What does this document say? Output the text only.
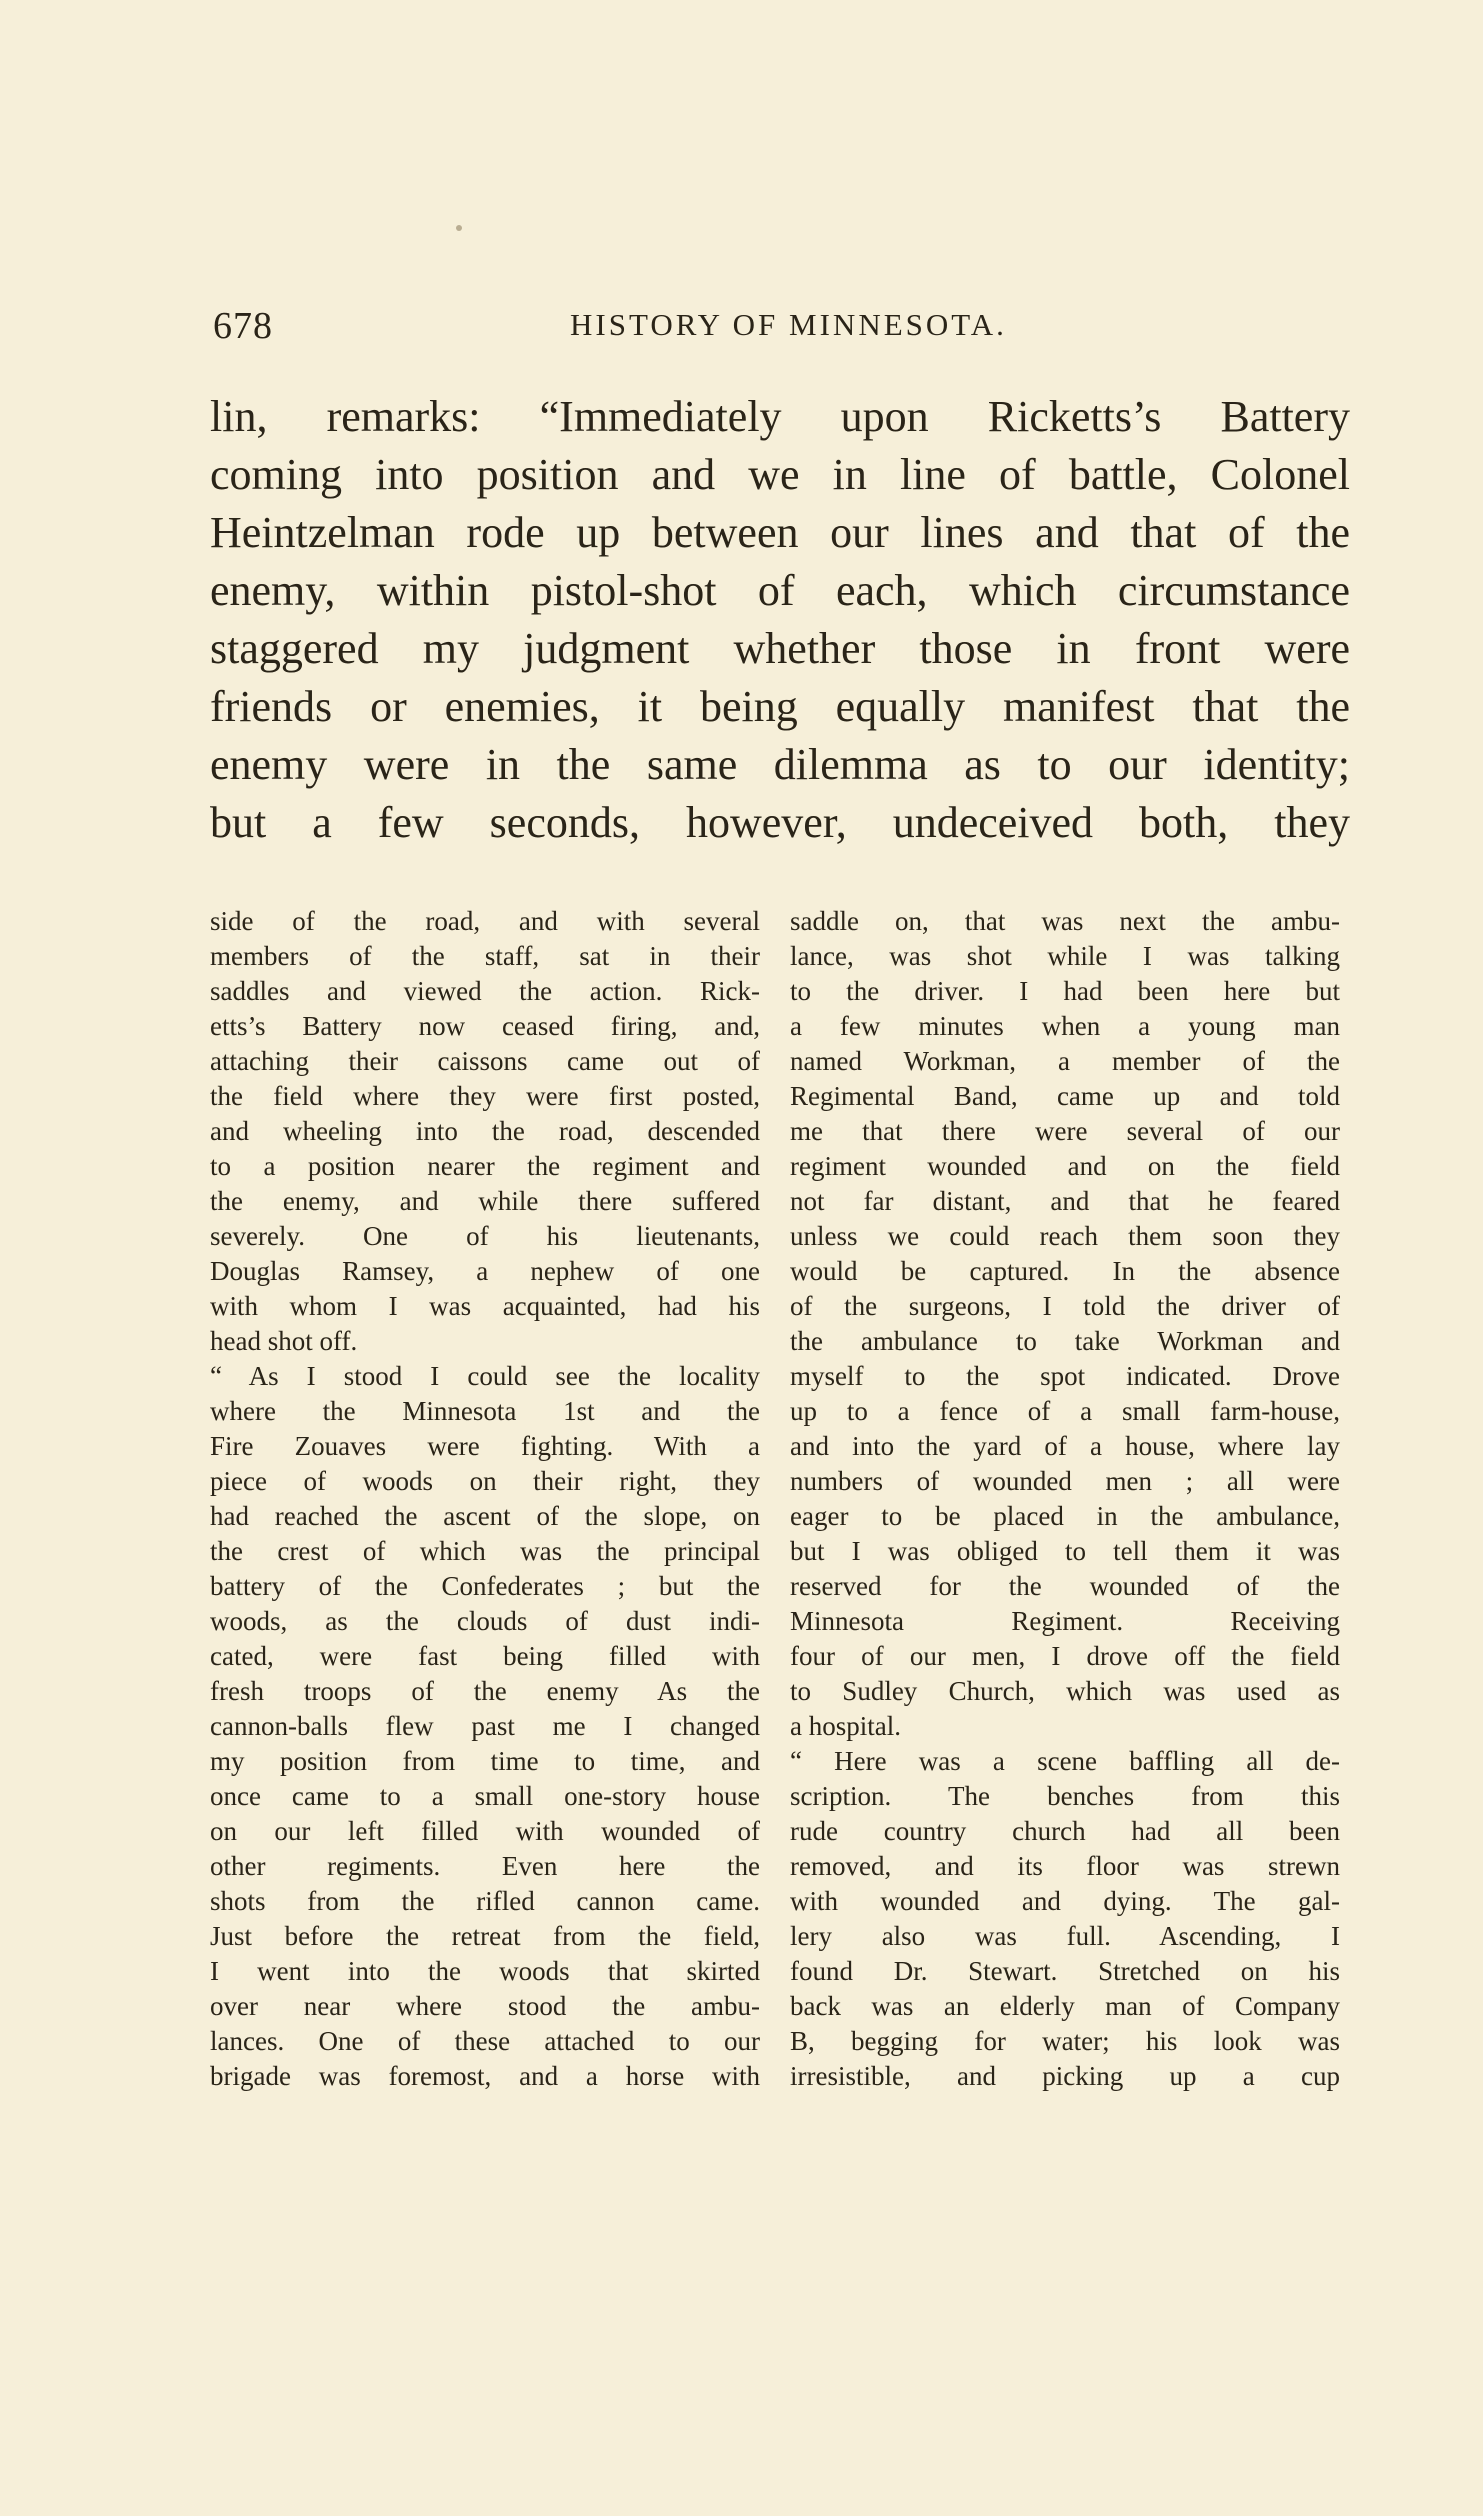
678	HISTORY OF MINNESOTA.
lin, remarks: “Immediately upon Ricketts’s Battery
coming into position and we in line of battle, Colonel
Heintzelman rode up between our lines and that of the
enemy, within pistol-shot of each, which circumstance
staggered my judgment whether those in front were
friends or enemies, it being equally manifest that the
enemy were in the same dilemma as to our identity;
but a few seconds, however, undeceived both, they
side of the road, and with several
members of the staff, sat in their
saddles and viewed the action. Rick-
etts’s Battery now ceased firing, and,
attaching their caissons came out of
the field where they were first posted,
and wheeling into the road, descended
to a position nearer the regiment and
the enemy, and while there suffered
severely. One of his lieutenants,
Douglas Ramsey, a nephew of one
with whom I was acquainted, had his
head shot off.
“ As I stood I could see the locality
where the Minnesota 1st and the
Fire Zouaves were fighting. With a
piece of woods on their right, they
had reached the ascent of the slope, on
the crest of which was the principal
battery of the Confederates ; but the
woods, as the clouds of dust indi-
cated, were fast being filled with
fresh troops of the enemy As the
cannon-balls flew past me I changed
my position from time to time, and
once came to a small one-story house
on our left filled with wounded of
other regiments. Even here the
shots from the rifled cannon came.
Just before the retreat from the field,
I went into the woods that skirted
over near where stood the ambu-
lances. One of these attached to our
brigade was foremost, and a horse with
saddle on, that was next the ambu-
lance, was shot while I was talking
to the driver. I had been here but
a few minutes when a young man
named Workman, a member of the
Regimental Band, came up and told
me that there were several of our
regiment wounded and on the field
not far distant, and that he feared
unless we could reach them soon they
would be captured. In the absence
of the surgeons, I told the driver of
the ambulance to take Workman and
myself to the spot indicated. Drove
up to a fence of a small farm-house,
and into the yard of a house, where lay
numbers of wounded men ; all were
eager to be placed in the ambulance,
but I was obliged to tell them it was
reserved for the wounded of the
Minnesota Regiment. Receiving
four of our men, I drove off the field
to Sudley Church, which was used as
a hospital.
“ Here was a scene baffling all de-
scription. The benches from this
rude country church had all been
removed, and its floor was strewn
with wounded and dying. The gal-
lery also was full. Ascending, I
found Dr. Stewart. Stretched on his
back was an elderly man of Company
B, begging for water; his look was
irresistible, and picking up a cup
